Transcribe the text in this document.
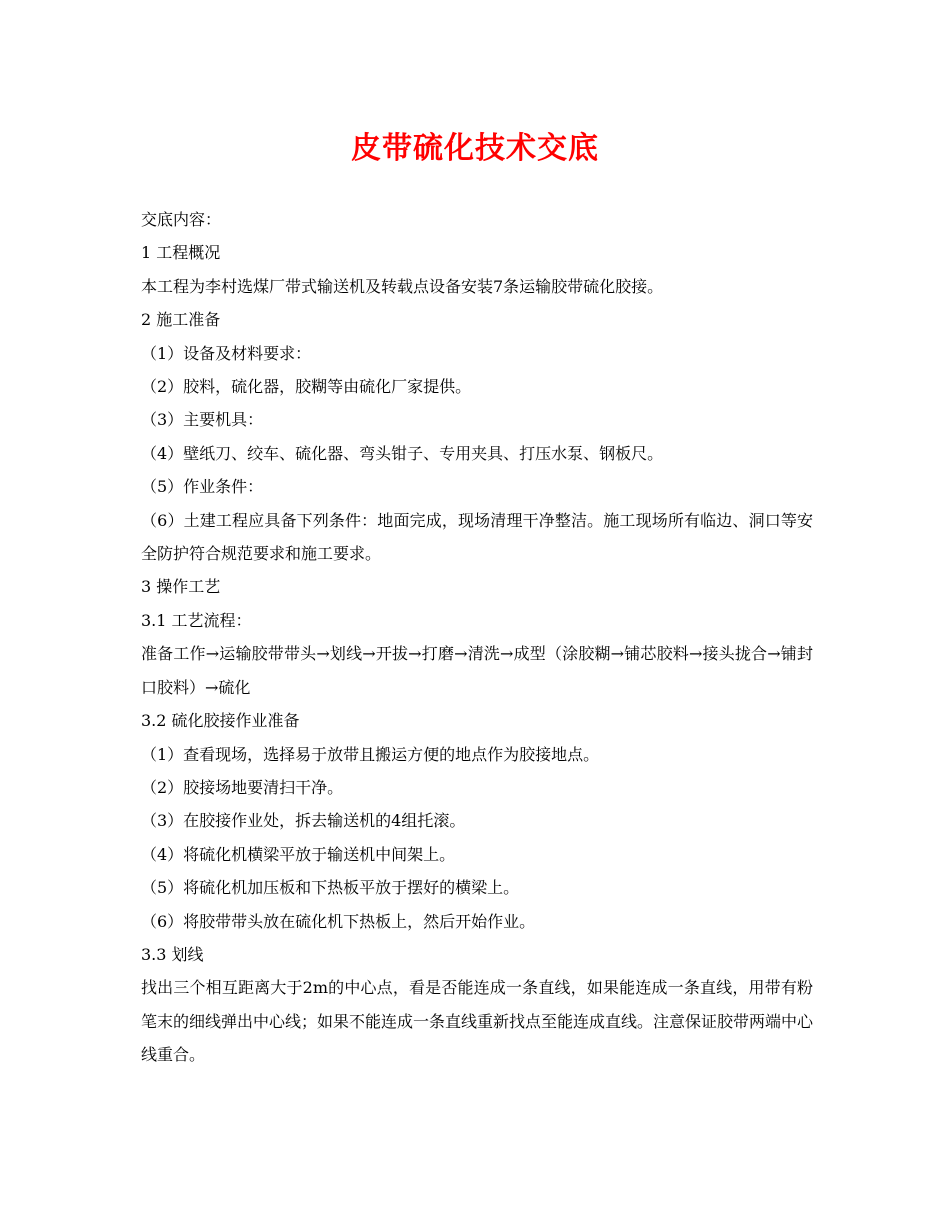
皮带硫化技术交底

交底内容：

1 工程概况

本工程为李村选煤厂带式输送机及转载点设备安装7条运输胶带硫化胶接。

2 施工准备

（1）设备及材料要求：

（2）胶料，硫化器，胶糊等由硫化厂家提供。

（3）主要机具：

（4）壁纸刀、绞车、硫化器、弯头钳子、专用夹具、打压水泵、钢板尺。

（5）作业条件：

（6）土建工程应具备下列条件：地面完成，现场清理干净整洁。施工现场所有临边、洞口等安全防护符合规范要求和施工要求。

3 操作工艺

3.1 工艺流程：

准备工作→运输胶带带头→划线→开拔→打磨→清洗→成型（涂胶糊→铺芯胶料→接头拢合→铺封口胶料）→硫化

3.2 硫化胶接作业准备

（1）查看现场，选择易于放带且搬运方便的地点作为胶接地点。

（2）胶接场地要清扫干净。

（3）在胶接作业处，拆去输送机的4组托滚。

（4）将硫化机横梁平放于输送机中间架上。

（5）将硫化机加压板和下热板平放于摆好的横梁上。

（6）将胶带带头放在硫化机下热板上，然后开始作业。

3.3 划线

找出三个相互距离大于2m的中心点，看是否能连成一条直线，如果能连成一条直线，用带有粉笔末的细线弹出中心线；如果不能连成一条直线重新找点至能连成直线。注意保证胶带两端中心线重合。
